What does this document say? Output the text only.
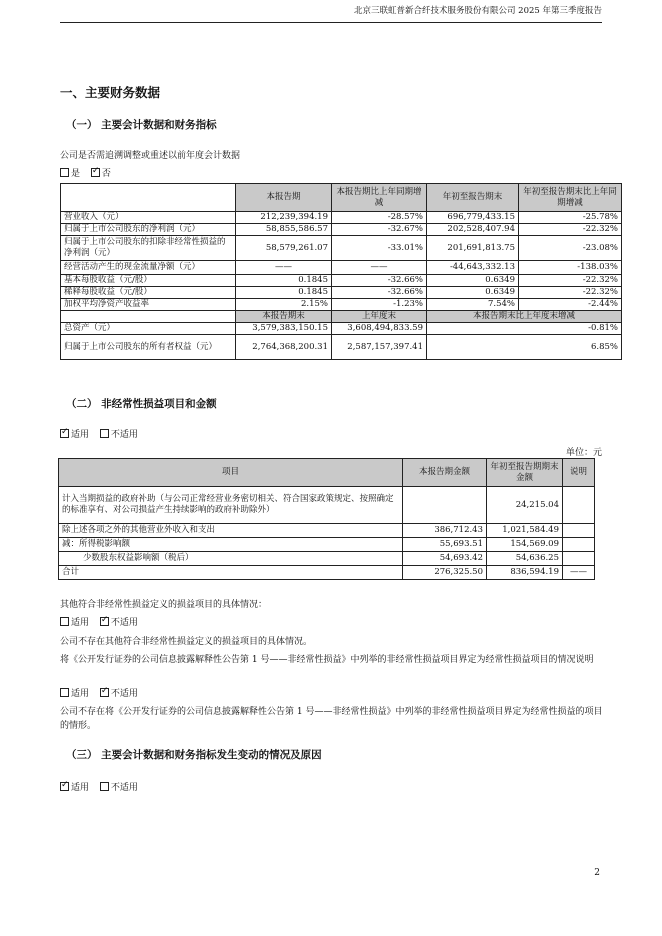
北京三联虹普新合纤技术服务股份有限公司 2025 年第三季度报告
一、主要财务数据
（一） 主要会计数据和财务指标
公司是否需追溯调整或重述以前年度会计数据
是 ✓ 否
	本报告期	本报告期比上年同期增减	年初至报告期末	年初至报告期末比上年同期增减
营业收入（元）	212,239,394.19	-28.57%	696,779,433.15	-25.78%
归属于上市公司股东的净利润（元）	58,855,586.57	-32.67%	202,528,407.94	-22.32%
归属于上市公司股东的扣除非经常性损益的净利润（元）	58,579,261.07	-33.01%	201,691,813.75	-23.08%
经营活动产生的现金流量净额（元）	——	——	-44,643,332.13	-138.03%
基本每股收益（元/股）	0.1845	-32.66%	0.6349	-22.32%
稀释每股收益（元/股）	0.1845	-32.66%	0.6349	-22.32%
加权平均净资产收益率	2.15%	-1.23%	7.54%	-2.44%
	本报告期末	上年度末	本报告期末比上年度末增减	
总资产（元）	3,579,383,150.15	3,608,494,833.59	-0.81%	
归属于上市公司股东的所有者权益（元）	2,764,368,200.31	2,587,157,397.41	6.85%	
（二） 非经常性损益项目和金额
✓适用 不适用
单位：元
项目	本报告期金额	年初至报告期期末金额	说明
计入当期损益的政府补助（与公司正常经营业务密切相关、符合国家政策规定、按照确定的标准享有、对公司损益产生持续影响的政府补助除外）		24,215.04	
除上述各项之外的其他营业外收入和支出	386,712.43	1,021,584.49	
减：所得税影响额	55,693.51	154,569.09	
少数股东权益影响额（税后）	54,693.42	54,636.25	
合计	276,325.50	836,594.19	——
其他符合非经常性损益定义的损益项目的具体情况：
适用 ✓ 不适用
公司不存在其他符合非经常性损益定义的损益项目的具体情况。
将《公开发行证券的公司信息披露解释性公告第 1 号——非经常性损益》中列举的非经常性损益项目界定为经常性损益项目的情况说明
适用 ✓ 不适用
公司不存在将《公开发行证券的公司信息披露解释性公告第 1 号——非经常性损益》中列举的非经常性损益项目界定为经常性损益的项目的情形。
（三） 主要会计数据和财务指标发生变动的情况及原因
✓适用 不适用
2
